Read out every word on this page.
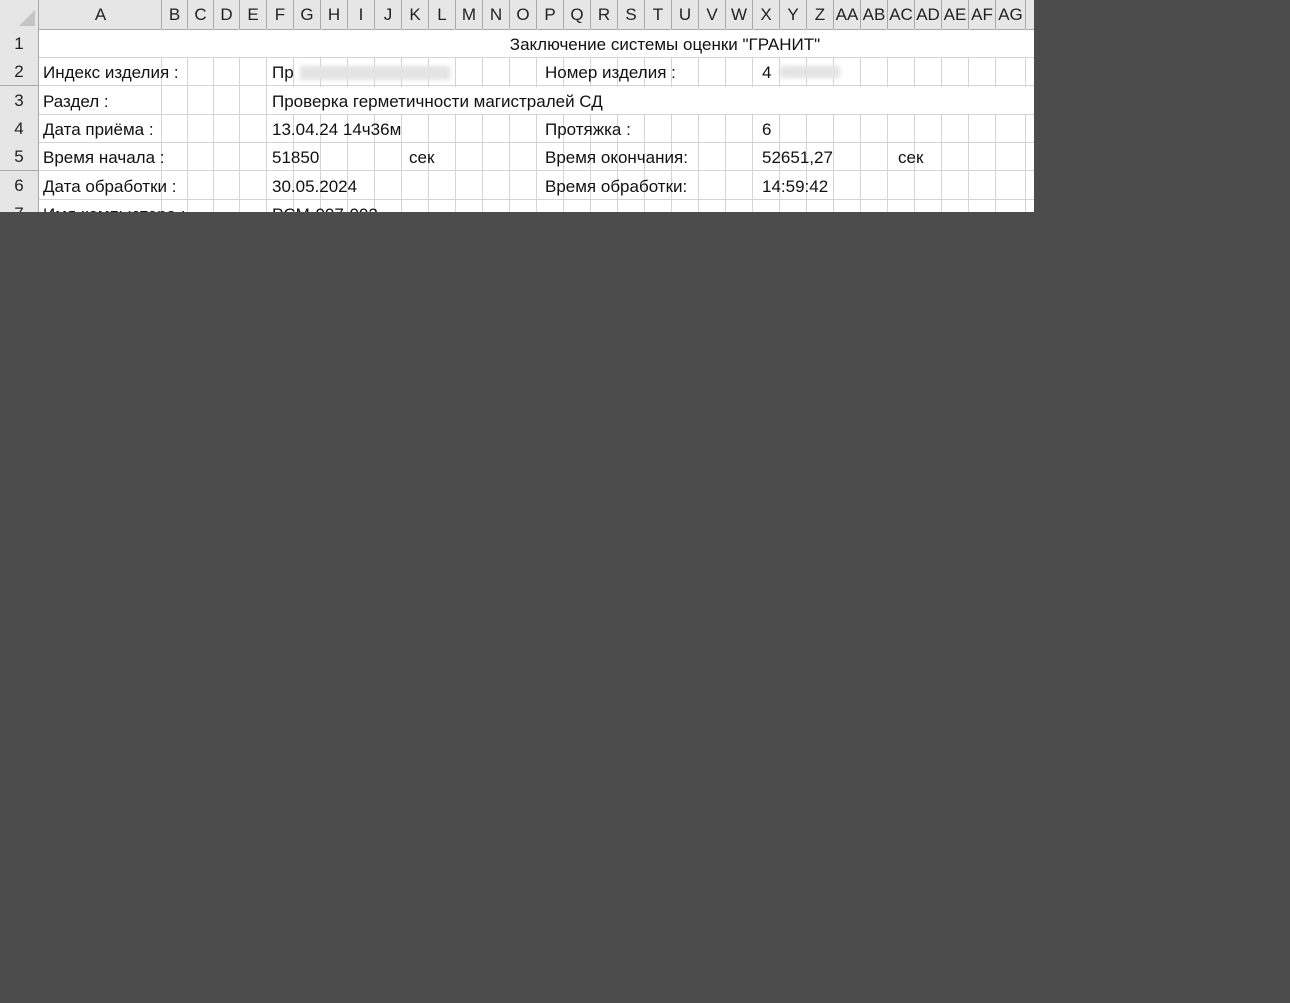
A	B C D E F G H	I	J	K L M N O P Q R S T U V W X Y Z AA AB AC AD AE AF AG
1
2
3
4
5
6
Заключение системы оценки "ГРАНИТ"
Индекс изделия :	Пр	Номер изделия :	4
Раздел :	Проверка герметичности магистралей СД
Дата приёма :	13.04.24 14ч36м	Протяжка :	6
Время начала :	51850	сек	Время окончания:	52651,27	сек
Дата обработки :	30.05.2024	Время обработки:	14:59:42
